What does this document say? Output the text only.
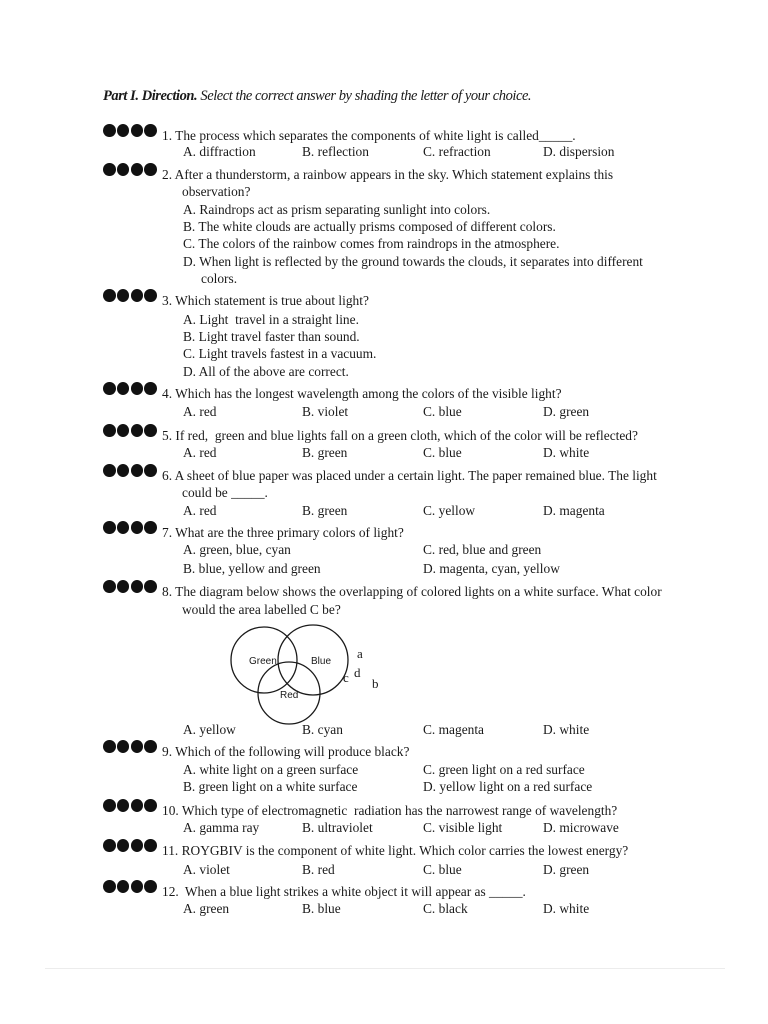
Part I. Direction. Select the correct answer by shading the letter of your choice.
1. The process which separates the components of white light is called_____.
A. diffraction	B. reflection	C. refraction	D. dispersion
2. After a thunderstorm, a rainbow appears in the sky. Which statement explains this
observation?
A. Raindrops act as prism separating sunlight into colors.
B. The white clouds are actually prisms composed of different colors.
C. The colors of the rainbow comes from raindrops in the atmosphere.
D. When light is reflected by the ground towards the clouds, it separates into different
colors.
3. Which statement is true about light?
A. Light  travel in a straight line.
B. Light travel faster than sound.
C. Light travels fastest in a vacuum.
D. All of the above are correct.
4. Which has the longest wavelength among the colors of the visible light?
A. red	B. violet	C. blue	D. green
5. If red,  green and blue lights fall on a green cloth, which of the color will be reflected?
A. red	B. green	C. blue	D. white
6. A sheet of blue paper was placed under a certain light. The paper remained blue. The light
could be _____.
A. red	B. green	C. yellow	D. magenta
7. What are the three primary colors of light?
A. green, blue, cyan	C. red, blue and green
B. blue, yellow and green	D. magenta, cyan, yellow
8. The diagram below shows the overlapping of colored lights on a white surface. What color
would the area labelled C be?
Green	Blue
Red
a
c d
b
A. yellow	B. cyan	C. magenta	D. white
9. Which of the following will produce black?
A. white light on a green surface	C. green light on a red surface
B. green light on a white surface	D. yellow light on a red surface
10. Which type of electromagnetic  radiation has the narrowest range of wavelength?
A. gamma ray	B. ultraviolet	C. visible light	D. microwave
11. ROYGBIV is the component of white light. Which color carries the lowest energy?
A. violet	B. red	C. blue	D. green
12. When a blue light strikes a white object it will appear as _____.
A. green	B. blue	C. black	D. white
